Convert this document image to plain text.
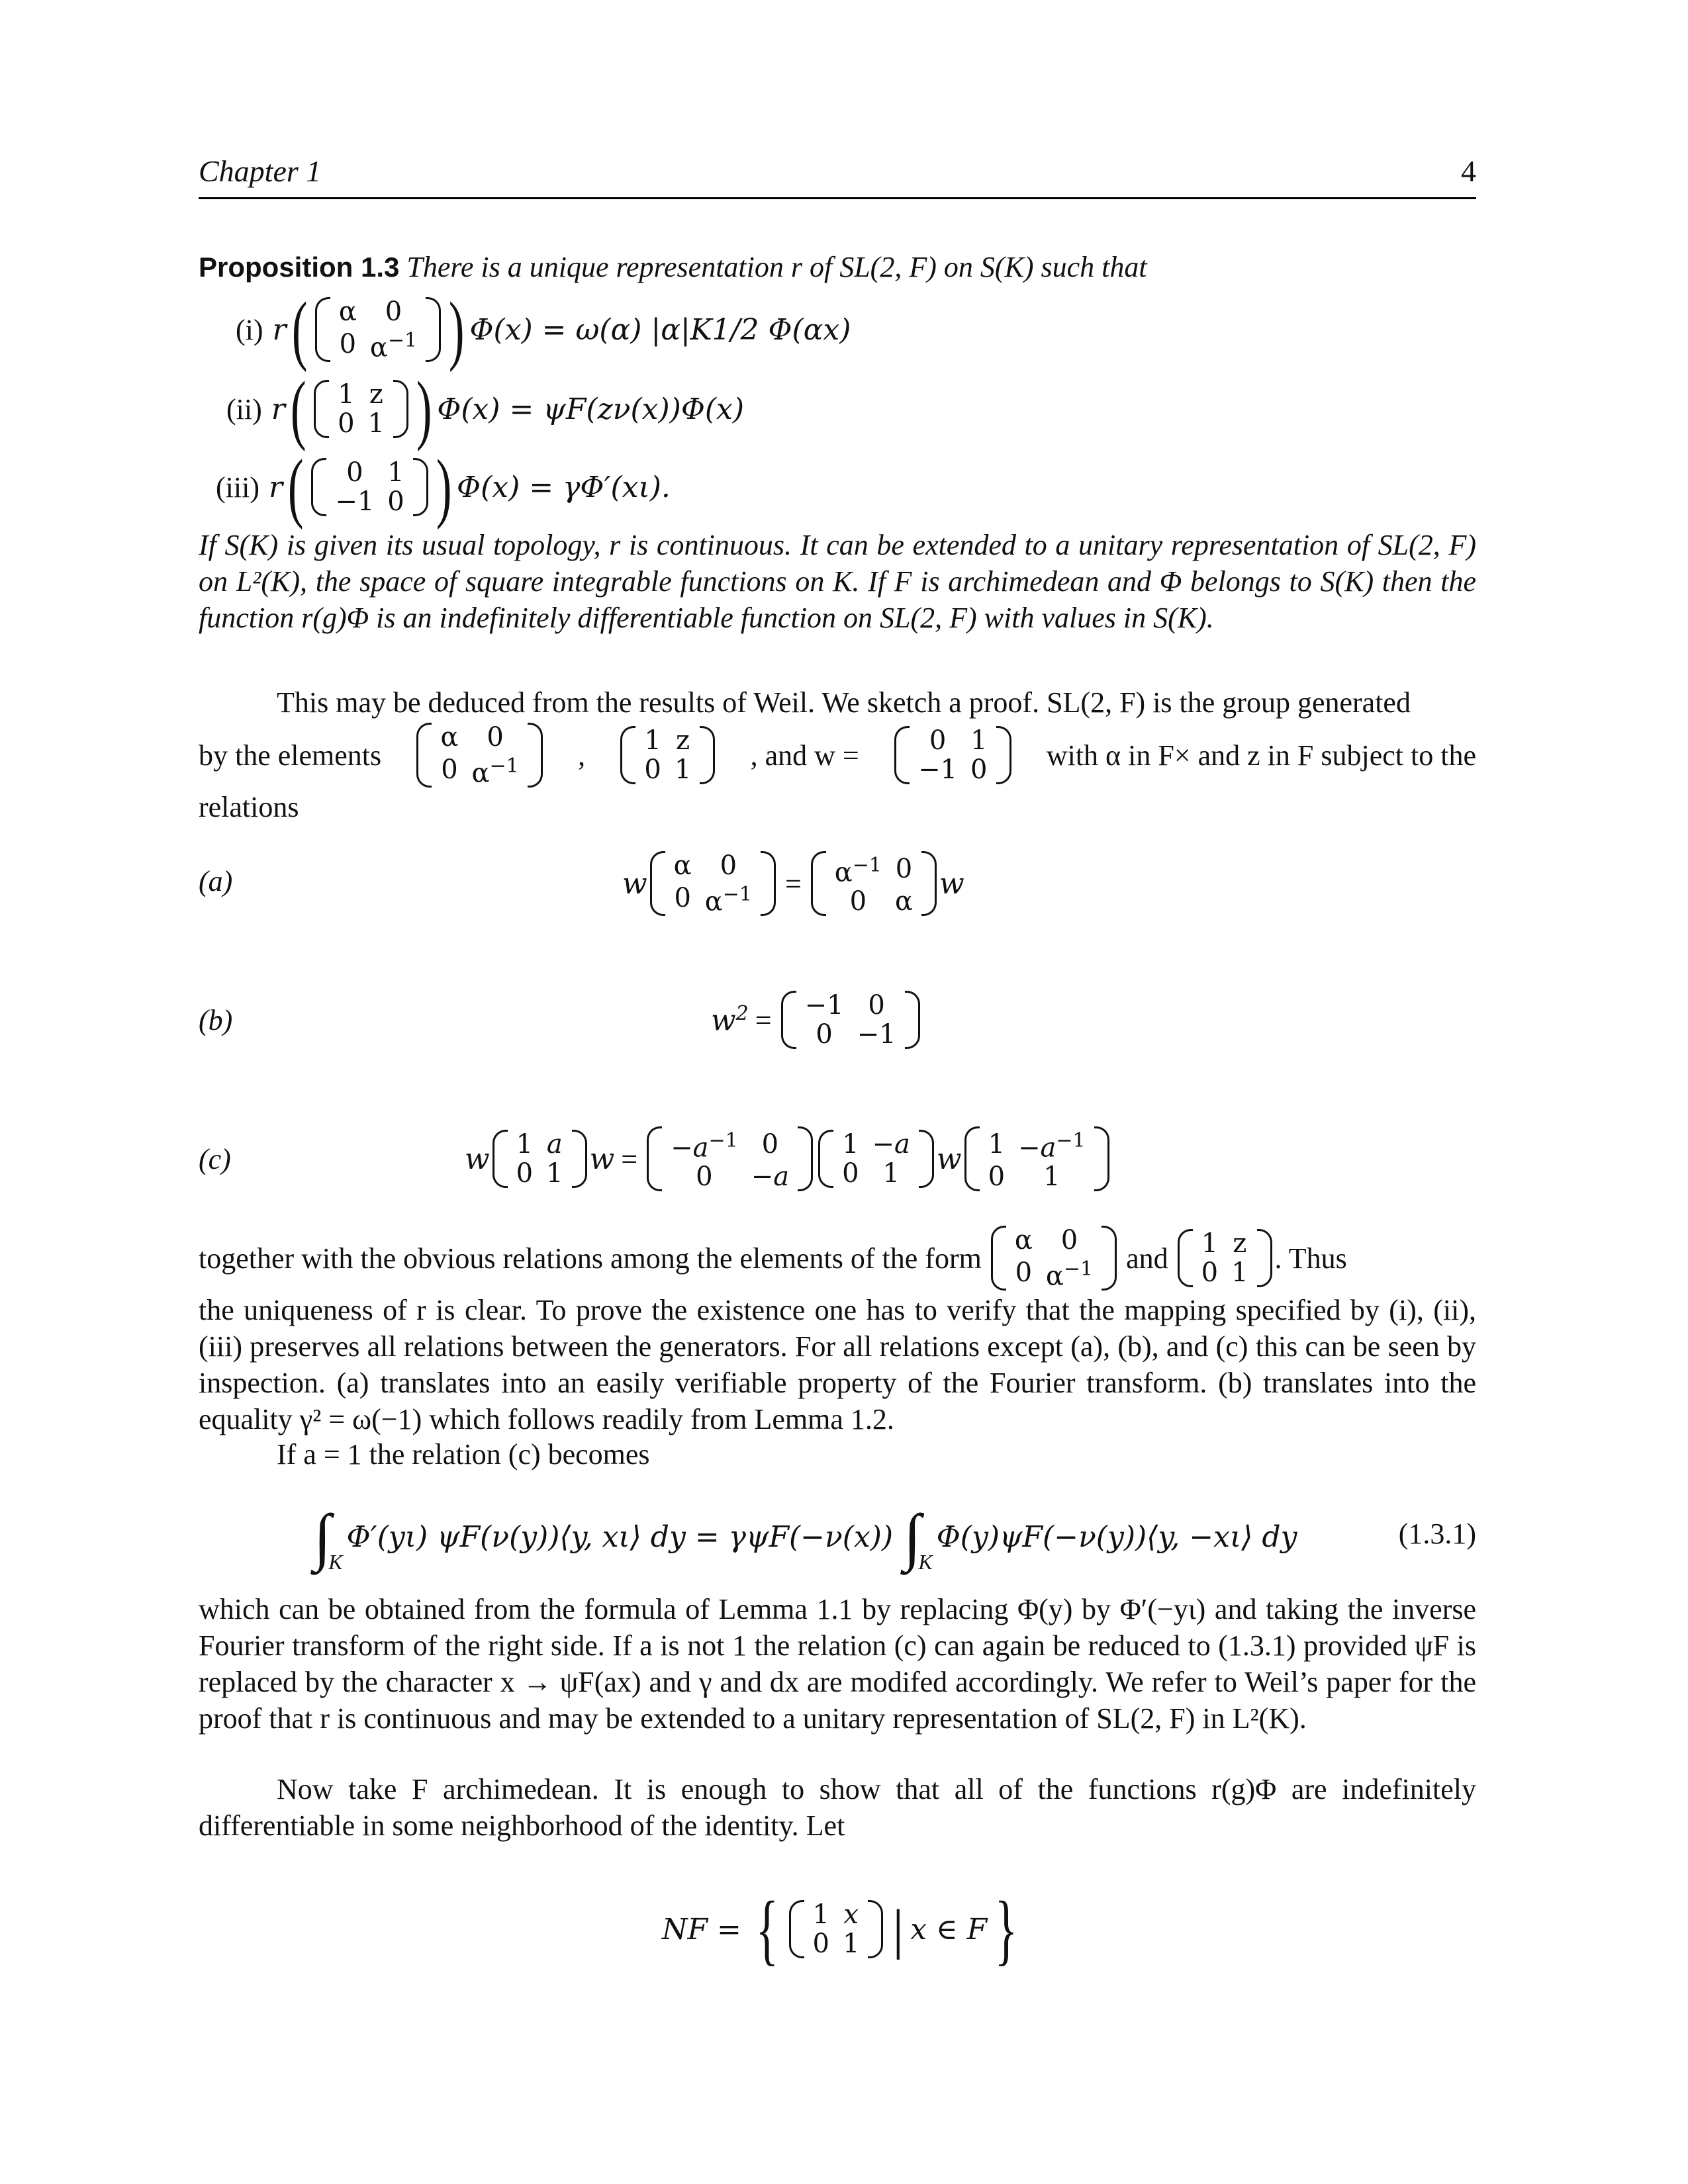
Chapter 1	4
Proposition 1.3 There is a unique representation r of SL(2, F) on S(K) such that
(i) r ( α	0
0	$\alpha^{-1}$ ) Φ(x) = ω(α) |α|K1/2 Φ(αx)
(ii) r ( 1	z
0	1 ) Φ(x) = ψF(zν(x))Φ(x)
(iii) r ( 0	1
−1	0 ) Φ(x) = γΦ′(xι).
If S(K) is given its usual topology, r is continuous. It can be extended to a unitary representation of SL(2, F) on L²(K), the space of square integrable functions on K. If F is archimedean and Φ belongs to S(K) then the function r(g)Φ is an indefinitely differentiable function on SL(2, F) with values in S(K).
This may be deduced from the results of Weil. We sketch a proof. SL(2, F) is the group generated
by the elements
α	0
0	$\alpha^{-1}$ , 1	z
0	1 , and w =	0	1
−1	0 with α in F× and z in F subject to the
relations
(a)	w
α	0
0	$\alpha^{-1} = \alpha^{-1}$	0
0	α
w
(b)	$w^2 = -1$	0
0	−1
(c)	w 1	a
0	1 $w = -a^{-1}$	0
0	−a
1	−a
0	1 w 1	$-a^{-1}$
0	1
together with the obvious relations among the elements of the form
α	0
0	$\alpha^{-1}$ and 1	z
0	1 . Thus
the uniqueness of r is clear. To prove the existence one has to verify that the mapping specified by (i), (ii), (iii) preserves all relations between the generators. For all relations except (a), (b), and (c) this can be seen by inspection. (a) translates into an easily verifiable property of the Fourier transform. (b) translates into the equality γ² = ω(−1) which follows readily from Lemma 1.2.
If a = 1 the relation (c) becomes
∫
K
Φ′(yι) ψF(ν(y))⟨y, xι⟩ dy = γψF(−ν(x)) ∫
K
Φ(y)ψF(−ν(y))⟨y, −xι⟩ dy	(1.3.1)
which can be obtained from the formula of Lemma 1.1 by replacing Φ(y) by Φ′(−yι) and taking the inverse Fourier transform of the right side. If a is not 1 the relation (c) can again be reduced to (1.3.1) provided ψF is replaced by the character x → ψF(ax) and γ and dx are modifed accordingly. We refer to Weil’s paper for the proof that r is continuous and may be extended to a unitary representation of SL(2, F) in L²(K).
Now take F archimedean. It is enough to show that all of the functions r(g)Φ are indefinitely differentiable in some neighborhood of the identity. Let
NF = { 1	x
0	1 | x ∈ F }
